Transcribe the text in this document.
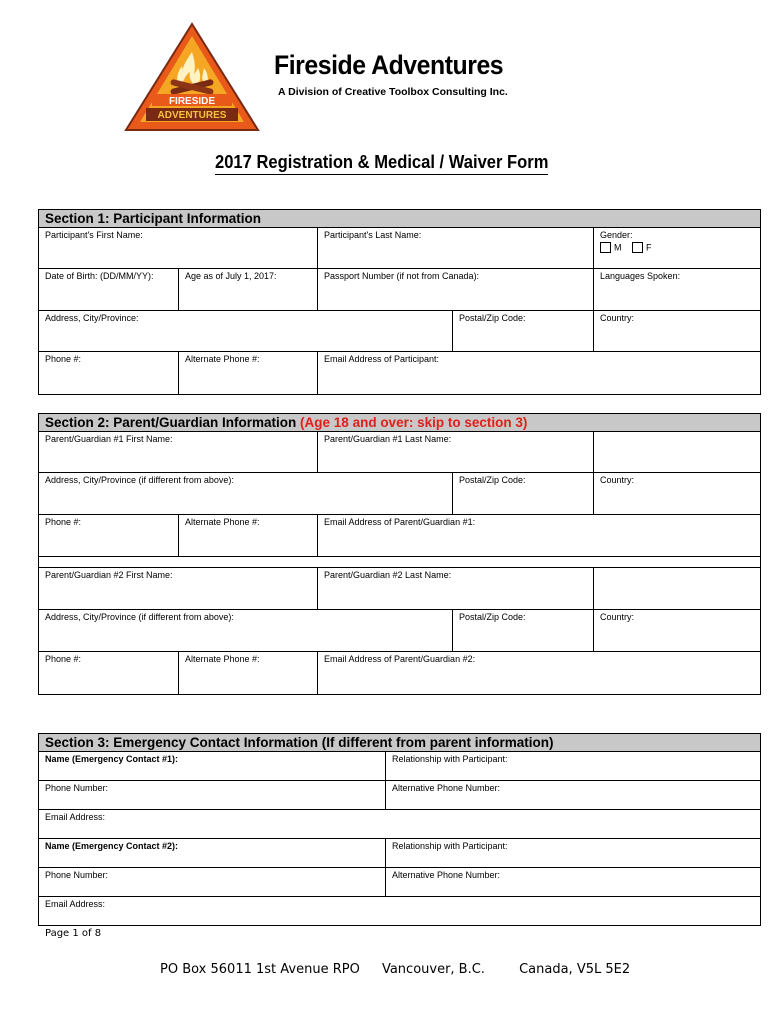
FIRESIDE
ADVENTURES
Fireside Adventures
A Division of Creative Toolbox Consulting Inc.
2017 Registration & Medical / Waiver Form
Section 1: Participant Information
Participant's First Name:	Participant's Last Name:	Gender:
M	F
Date of Birth: (DD/MM/YY):	Age as of July 1, 2017:	Passport Number (if not from Canada):	Languages Spoken:
Address, City/Province:	Postal/Zip Code:	Country:
Phone #:	Alternate Phone #:	Email Address of Participant:
Section 2: Parent/Guardian Information (Age 18 and over: skip to section 3)
Parent/Guardian #1 First Name:	Parent/Guardian #1 Last Name:
Address, City/Province (if different from above):	Postal/Zip Code:	Country:
Phone #:	Alternate Phone #:	Email Address of Parent/Guardian #1:
Parent/Guardian #2 First Name:	Parent/Guardian #2 Last Name:
Address, City/Province (if different from above):	Postal/Zip Code:	Country:
Phone #:	Alternate Phone #:	Email Address of Parent/Guardian #2:
Section 3: Emergency Contact Information (If different from parent information)
Name (Emergency Contact #1):	Relationship with Participant:
Phone Number:	Alternative Phone Number:
Email Address:
Name (Emergency Contact #2):	Relationship with Participant:
Phone Number:	Alternative Phone Number:
Email Address:
Page 1 of 8
PO Box 56011 1st Avenue RPO Vancouver, B.C.	Canada, V5L 5E2
